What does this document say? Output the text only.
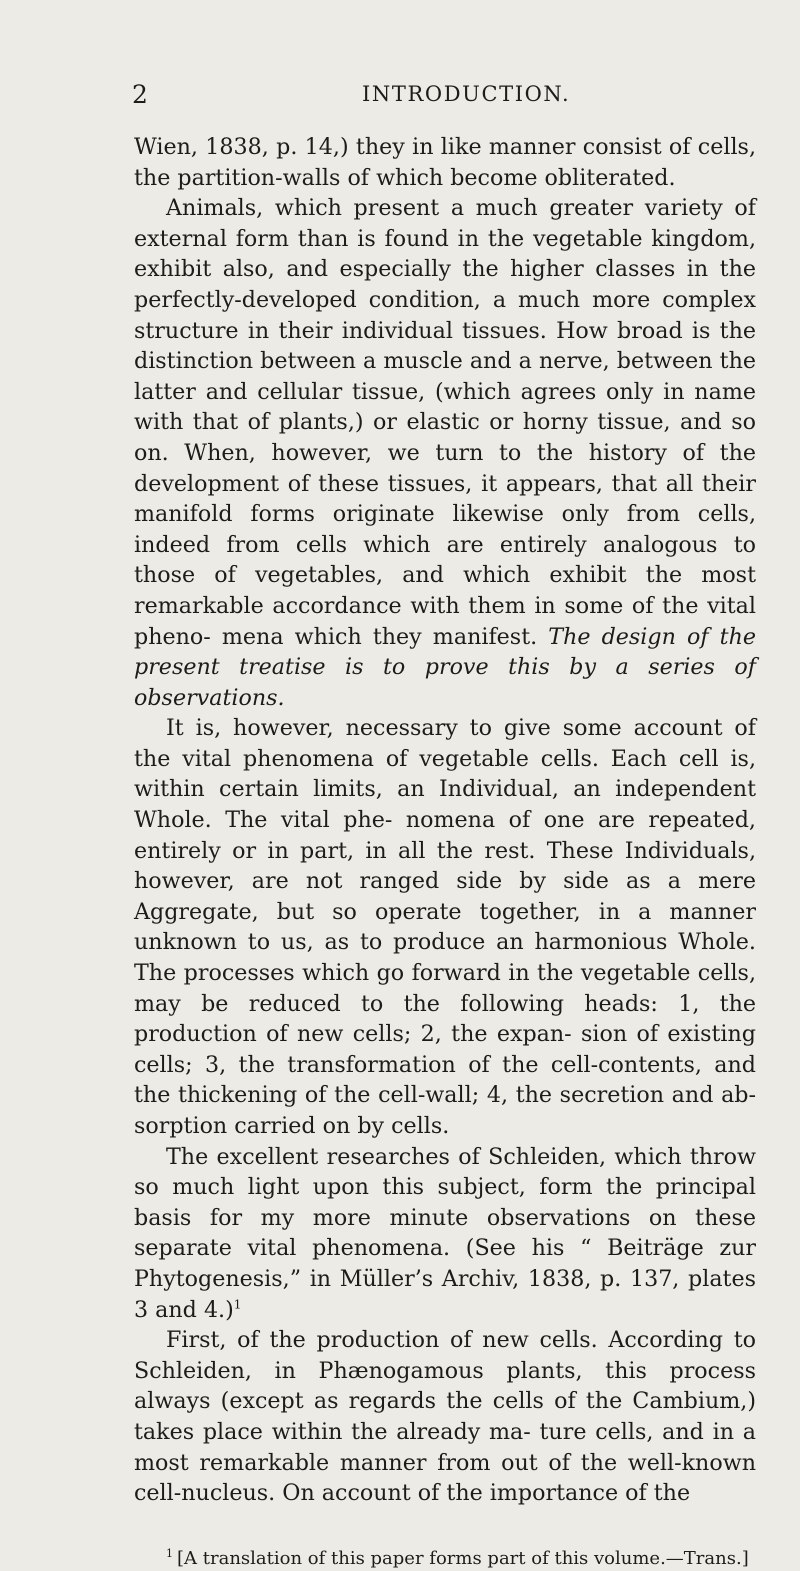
2	INTRODUCTION.

Wien, 1838, p. 14,) they in like manner consist of cells, the partition-walls of which become obliterated.

Animals, which present a much greater variety of external form than is found in the vegetable kingdom, exhibit also, and especially the higher classes in the perfectly-developed condition, a much more complex structure in their individual tissues. How broad is the distinction between a muscle and a nerve, between the latter and cellular tissue, (which agrees only in name with that of plants,) or elastic or horny tissue, and so on. When, however, we turn to the history of the development of these tissues, it appears, that all their manifold forms originate likewise only from cells, indeed from cells which are entirely analogous to those of vegetables, and which exhibit the most remarkable accordance with them in some of the vital pheno- mena which they manifest. The design of the present treatise is to prove this by a series of observations.

It is, however, necessary to give some account of the vital phenomena of vegetable cells. Each cell is, within certain limits, an Individual, an independent Whole. The vital phe- nomena of one are repeated, entirely or in part, in all the rest. These Individuals, however, are not ranged side by side as a mere Aggregate, but so operate together, in a manner unknown to us, as to produce an harmonious Whole. The processes which go forward in the vegetable cells, may be reduced to the following heads: 1, the production of new cells; 2, the expan- sion of existing cells; 3, the transformation of the cell-contents, and the thickening of the cell-wall; 4, the secretion and ab- sorption carried on by cells.

The excellent researches of Schleiden, which throw so much light upon this subject, form the principal basis for my more minute observations on these separate vital phenomena. (See his “ Beiträge zur Phytogenesis,” in Müller’s Archiv, 1838, p. 137, plates 3 and 4.)$^1$

First, of the production of new cells. According to Schleiden, in Phænogamous plants, this process always (except as regards the cells of the Cambium,) takes place within the already ma- ture cells, and in a most remarkable manner from out of the well-known cell-nucleus. On account of the importance of the

$^1$ [A translation of this paper forms part of this volume.—Trans.]
